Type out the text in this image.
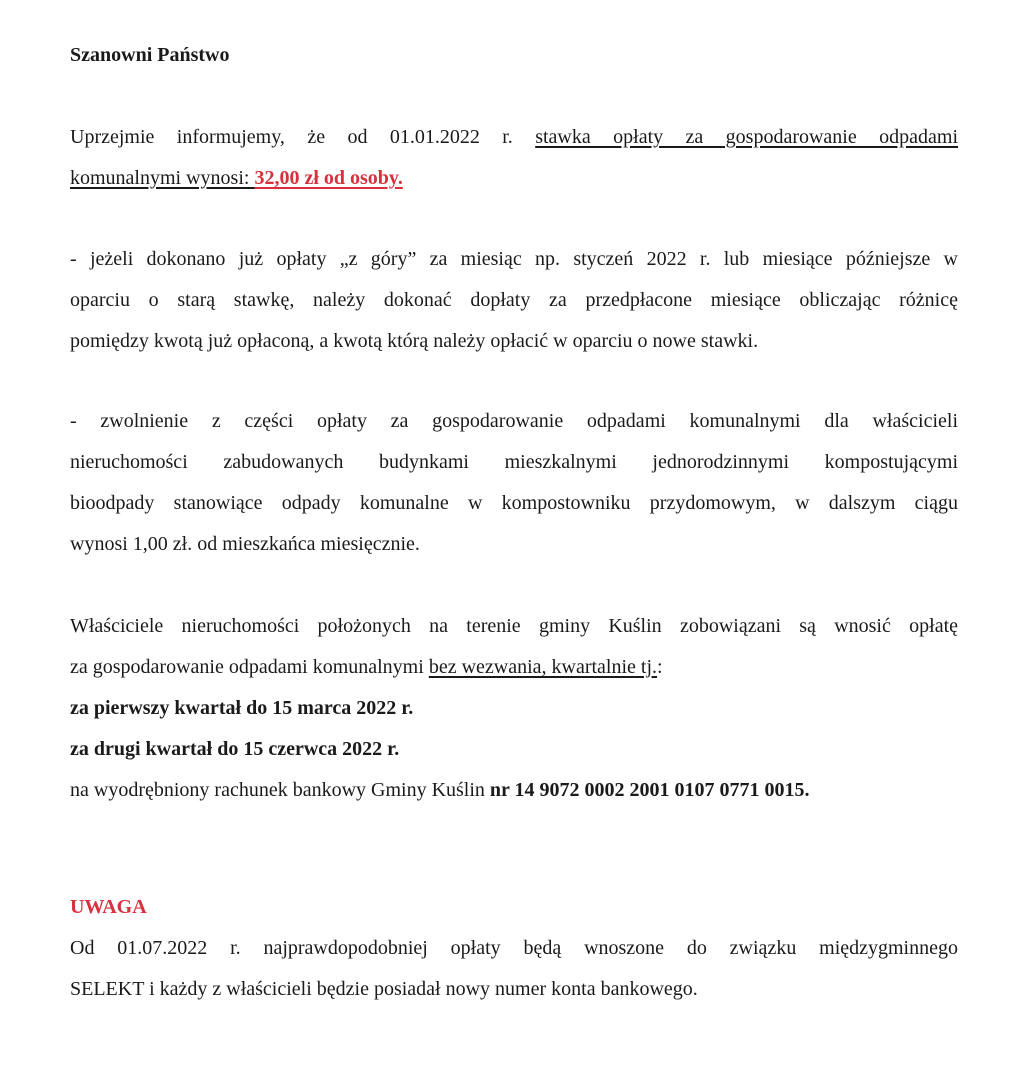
Szanowni Państwo
Uprzejmie informujemy, że od 01.01.2022 r. stawka opłaty za gospodarowanie odpadami
komunalnymi wynosi: 32,00 zł od osoby.
- jeżeli dokonano już opłaty „z góry” za miesiąc np. styczeń 2022 r. lub miesiące późniejsze w
oparciu o starą stawkę, należy dokonać dopłaty za przedpłacone miesiące obliczając różnicę
pomiędzy kwotą już opłaconą, a kwotą którą należy opłacić w oparciu o nowe stawki.
- zwolnienie z części opłaty za gospodarowanie odpadami komunalnymi dla właścicieli
nieruchomości zabudowanych budynkami mieszkalnymi jednorodzinnymi kompostującymi
bioodpady stanowiące odpady komunalne w kompostowniku przydomowym, w dalszym ciągu
wynosi 1,00 zł. od mieszkańca miesięcznie.
Właściciele nieruchomości położonych na terenie gminy Kuślin zobowiązani są wnosić opłatę
za gospodarowanie odpadami komunalnymi bez wezwania, kwartalnie tj.:
za pierwszy kwartał do 15 marca 2022 r.
za drugi kwartał do 15 czerwca 2022 r.
na wyodrębniony rachunek bankowy Gminy Kuślin nr 14 9072 0002 2001 0107 0771 0015.
UWAGA
Od 01.07.2022 r. najprawdopodobniej opłaty będą wnoszone do związku międzygminnego
SELEKT i każdy z właścicieli będzie posiadał nowy numer konta bankowego.
